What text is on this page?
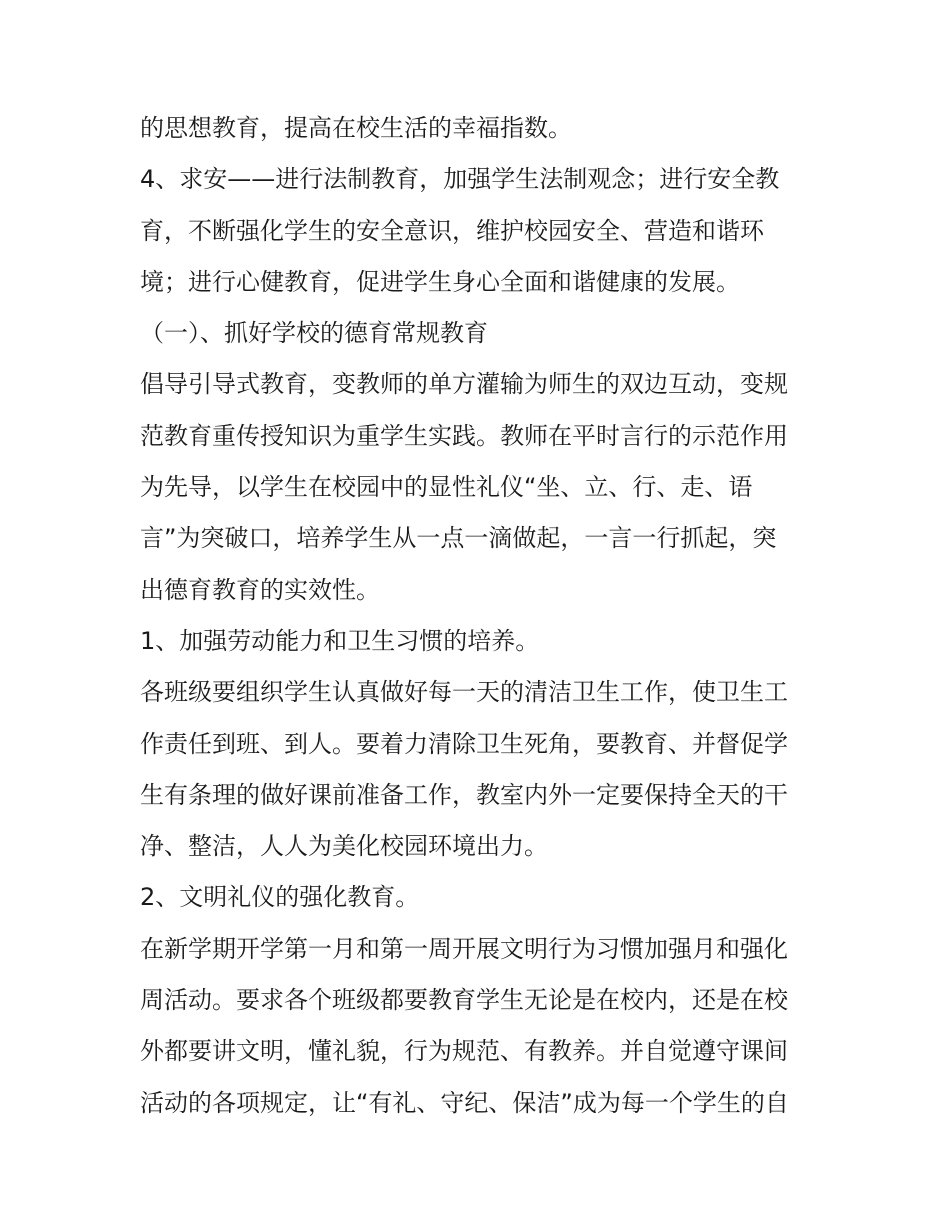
的思想教育，提高在校生活的幸福指数。
4、求安——进行法制教育，加强学生法制观念；进行安全教
育，不断强化学生的安全意识，维护校园安全、营造和谐环
境；进行心健教育，促进学生身心全面和谐健康的发展。
（一）、抓好学校的德育常规教育
倡导引导式教育，变教师的单方灌输为师生的双边互动，变规
范教育重传授知识为重学生实践。教师在平时言行的示范作用
为先导，以学生在校园中的显性礼仪“坐、立、行、走、语
言”为突破口，培养学生从一点一滴做起，一言一行抓起，突
出德育教育的实效性。
1、加强劳动能力和卫生习惯的培养。
各班级要组织学生认真做好每一天的清洁卫生工作，使卫生工
作责任到班、到人。要着力清除卫生死角，要教育、并督促学
生有条理的做好课前准备工作，教室内外一定要保持全天的干
净、整洁，人人为美化校园环境出力。
2、文明礼仪的强化教育。
在新学期开学第一月和第一周开展文明行为习惯加强月和强化
周活动。要求各个班级都要教育学生无论是在校内，还是在校
外都要讲文明，懂礼貌，行为规范、有教养。并自觉遵守课间
活动的各项规定，让“有礼、守纪、保洁”成为每一个学生的自
